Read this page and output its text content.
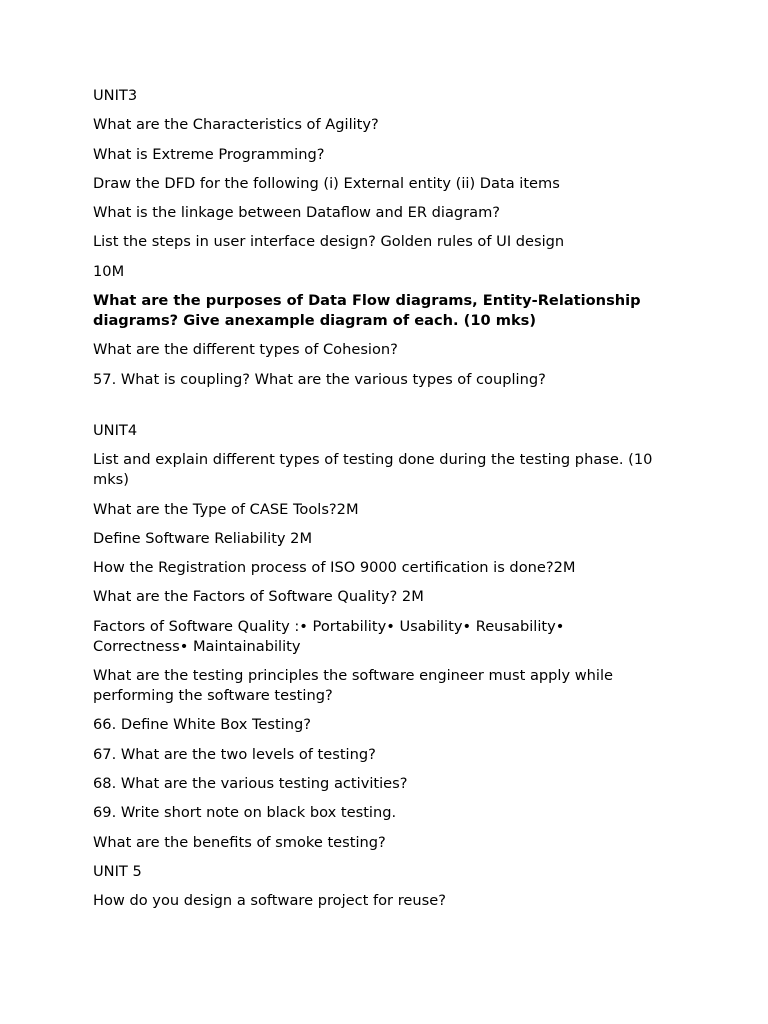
UNIT3
What are the Characteristics of Agility?
What is Extreme Programming?
Draw the DFD for the following (i) External entity (ii) Data items
What is the linkage between Dataflow and ER diagram?
List the steps in user interface design? Golden rules of UI design
10M
What are the purposes of Data Flow diagrams, Entity-Relationship diagrams? Give anexample diagram of each. (10 mks)
What are the different types of Cohesion?
57. What is coupling? What are the various types of coupling?
UNIT4
List and explain different types of testing done during the testing phase. (10 mks)
What are the Type of CASE Tools?2M
Define Software Reliability 2M
How the Registration process of ISO 9000 certification is done?2M
What are the Factors of Software Quality? 2M
Factors of Software Quality :• Portability• Usability• Reusability• Correctness• Maintainability
What are the testing principles the software engineer must apply while performing the software testing?
66. Define White Box Testing?
67. What are the two levels of testing?
68. What are the various testing activities?
69. Write short note on black box testing.
What are the benefits of smoke testing?
UNIT 5
How do you design a software project for reuse?
